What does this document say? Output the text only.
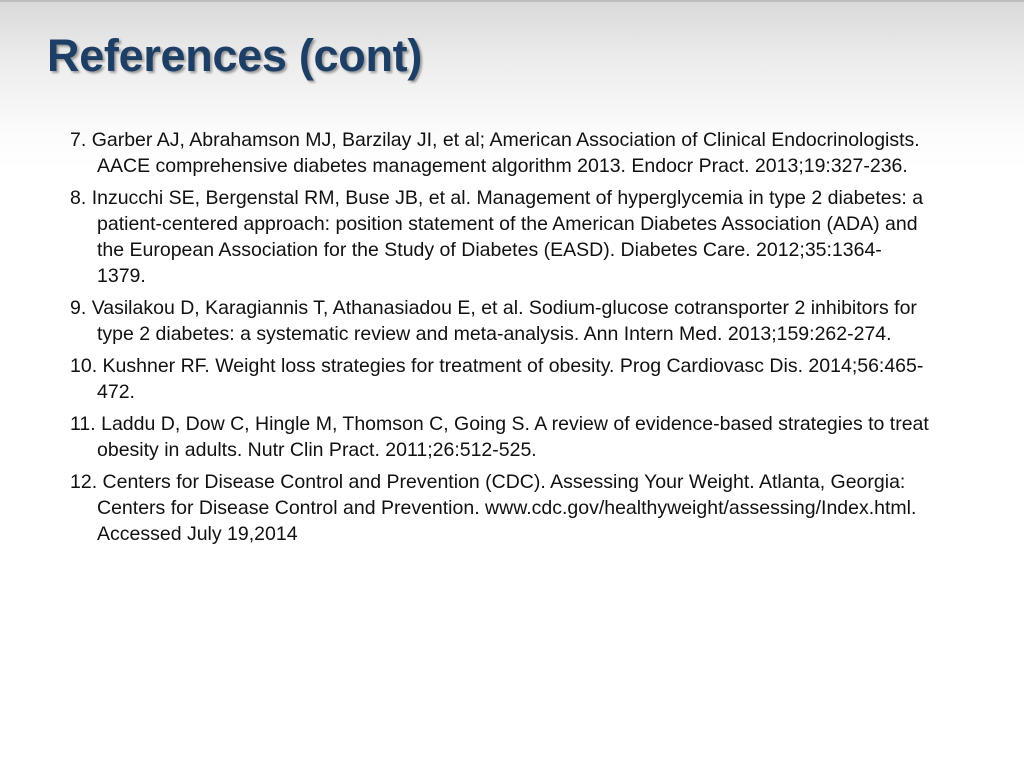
References (cont)
7. Garber AJ, Abrahamson MJ, Barzilay JI, et al; American Association of Clinical Endocrinologists. AACE comprehensive diabetes management algorithm 2013. Endocr Pract. 2013;19:327-236.
8. Inzucchi SE, Bergenstal RM, Buse JB, et al. Management of hyperglycemia in type 2 diabetes: a patient-centered approach: position statement of the American Diabetes Association (ADA) and the European Association for the Study of Diabetes (EASD). Diabetes Care. 2012;35:1364-1379.
9. Vasilakou D, Karagiannis T, Athanasiadou E, et al. Sodium-glucose cotransporter 2 inhibitors for type 2 diabetes: a systematic review and meta-analysis. Ann Intern Med. 2013;159:262-274.
10. Kushner RF. Weight loss strategies for treatment of obesity. Prog Cardiovasc Dis. 2014;56:465-472.
11. Laddu D, Dow C, Hingle M, Thomson C, Going S. A review of evidence-based strategies to treat obesity in adults. Nutr Clin Pract. 2011;26:512-525.
12. Centers for Disease Control and Prevention (CDC). Assessing Your Weight. Atlanta, Georgia: Centers for Disease Control and Prevention. www.cdc.gov/healthyweight/assessing/Index.html. Accessed July 19,2014
